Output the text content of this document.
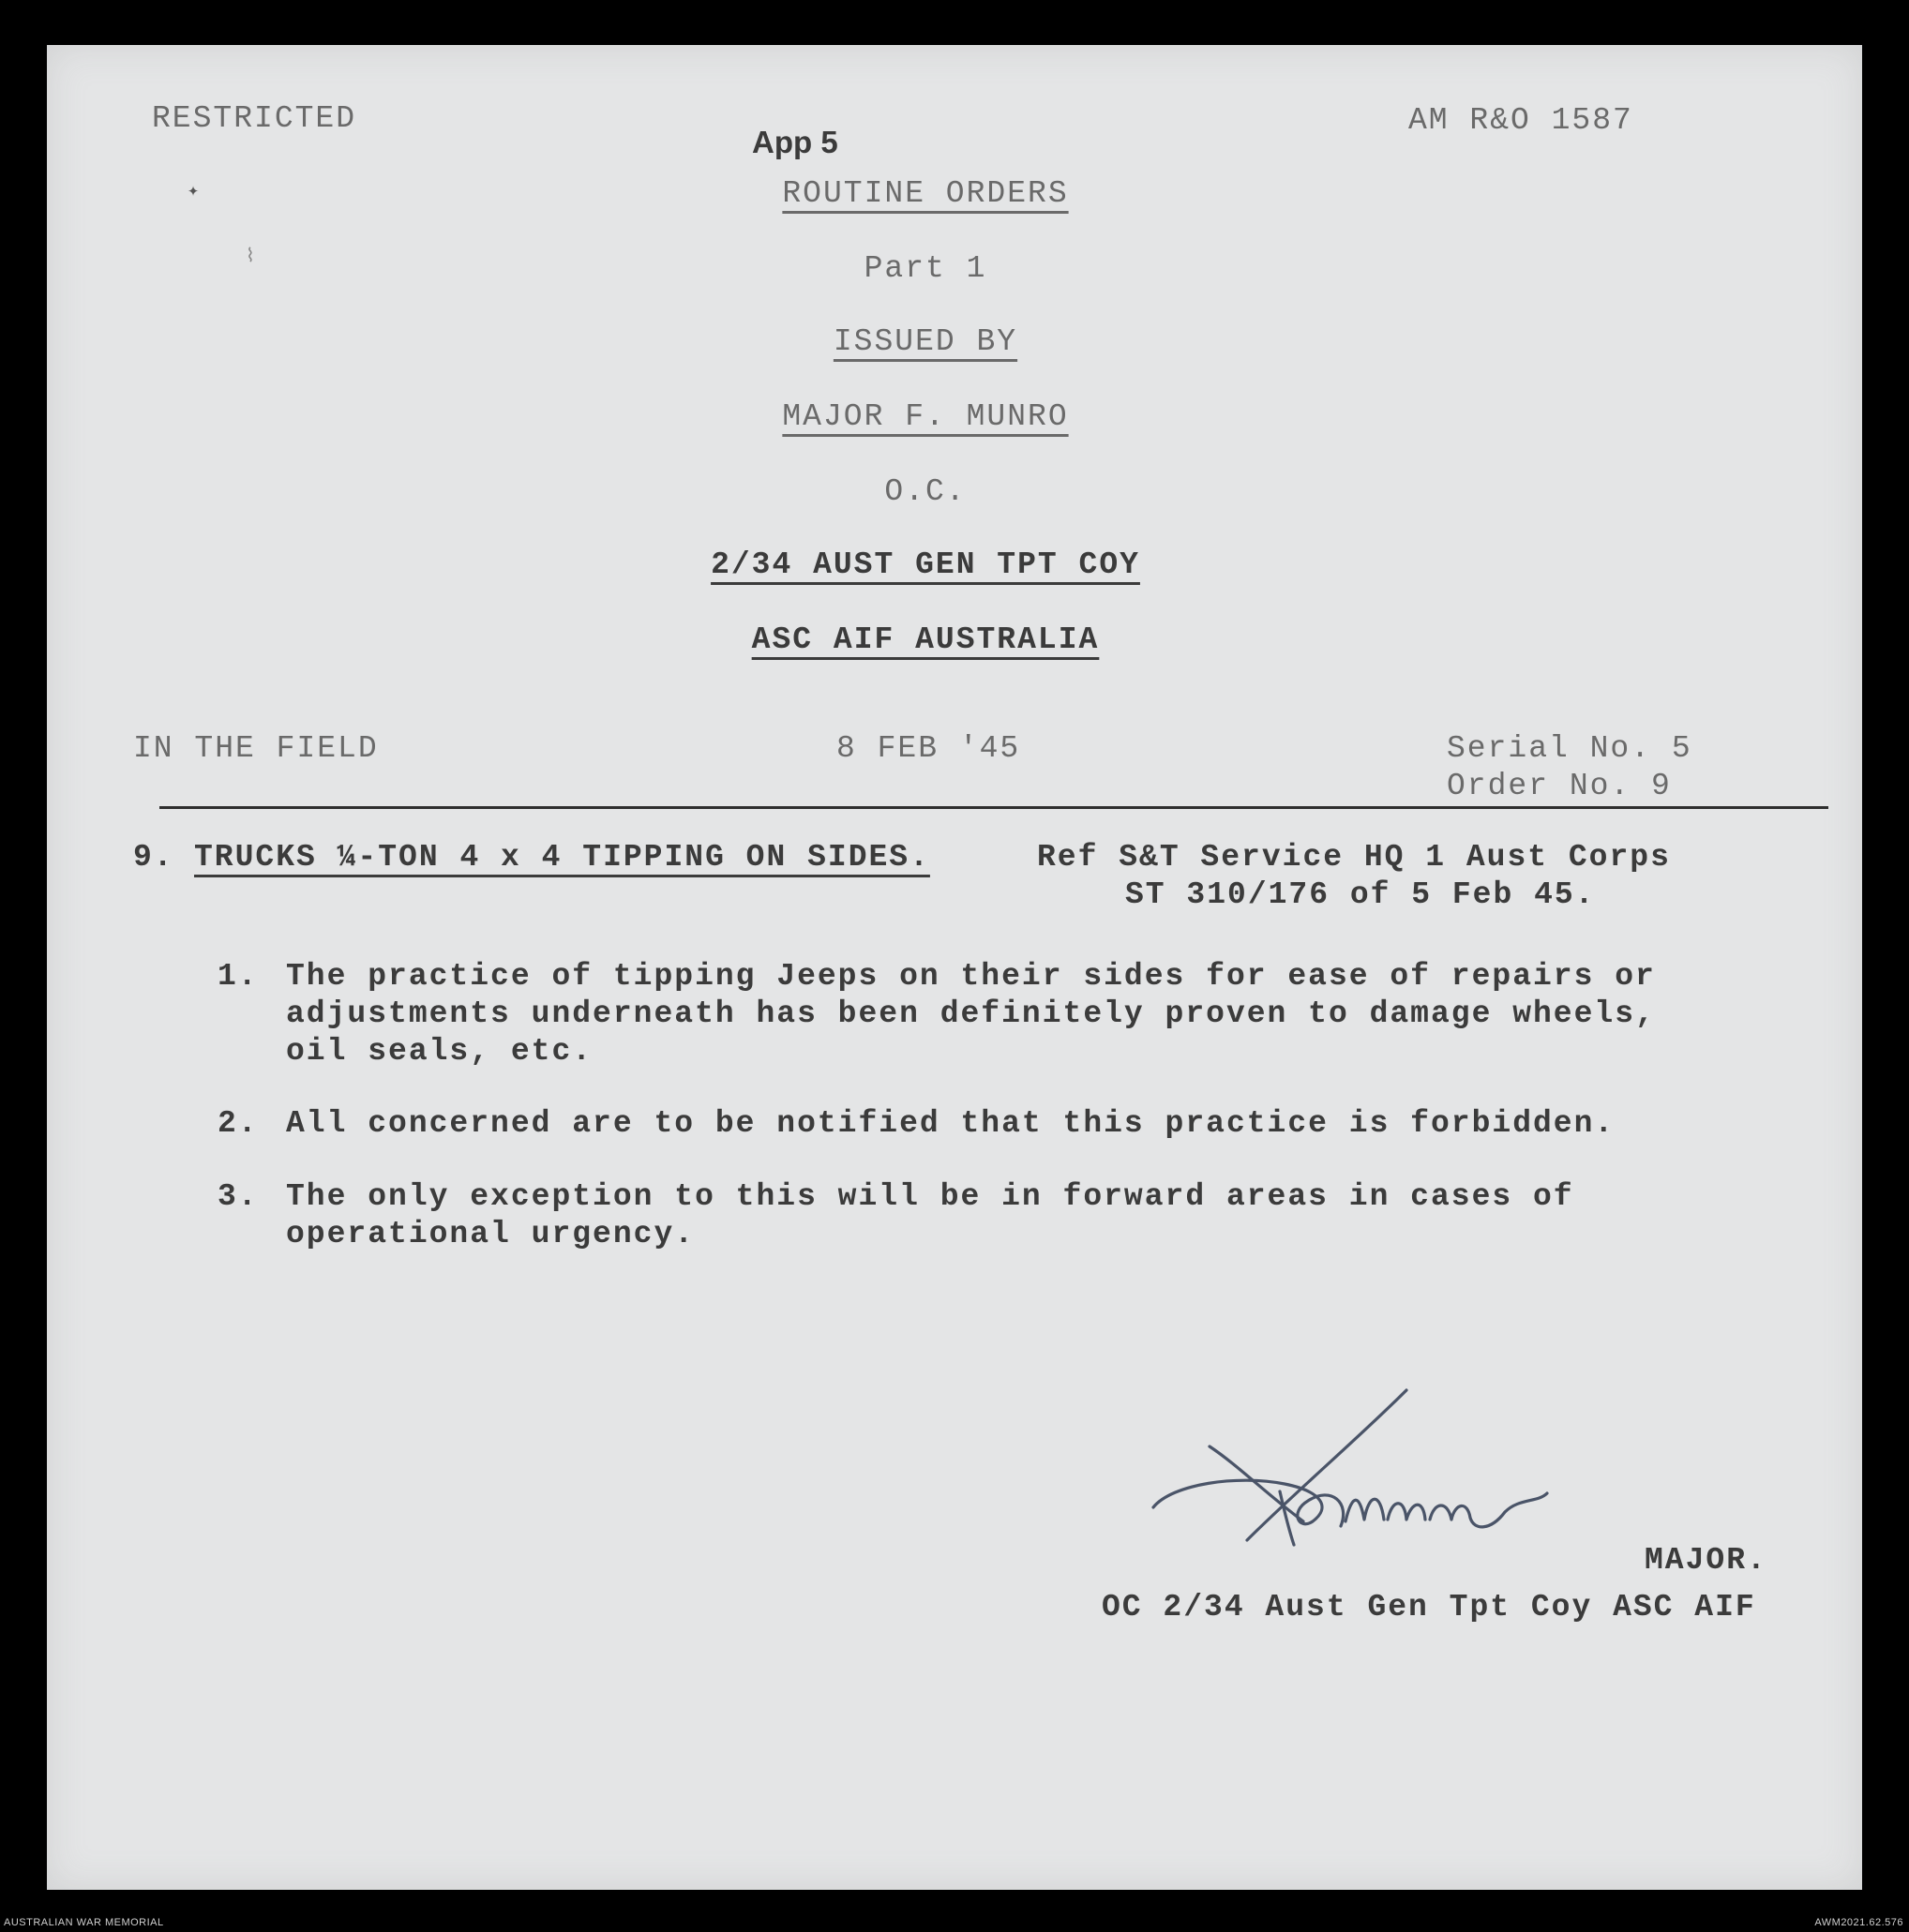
RESTRICTED
App 5
AM R&O 1587
ROUTINE ORDERS
Part 1
ISSUED BY
MAJOR F. MUNRO
O.C.
2/34 AUST GEN TPT COY
ASC AIF AUSTRALIA
IN THE FIELD	8 FEB '45	Serial No. 5
Order No. 9
9. TRUCKS ¼-TON 4 x 4 TIPPING ON SIDES.	Ref S&T Service HQ 1 Aust Corps
ST 310/176 of 5 Feb 45.
1. The practice of tipping Jeeps on their sides for ease of repairs or
adjustments underneath has been definitely proven to damage wheels,
oil seals, etc.
2. All concerned are to be notified that this practice is forbidden.
3. The only exception to this will be in forward areas in cases of
operational urgency.
MAJOR.
OC 2/34 Aust Gen Tpt Coy ASC AIF
✦
⌇
AUSTRALIAN WAR MEMORIAL	AWM2021.62.576
